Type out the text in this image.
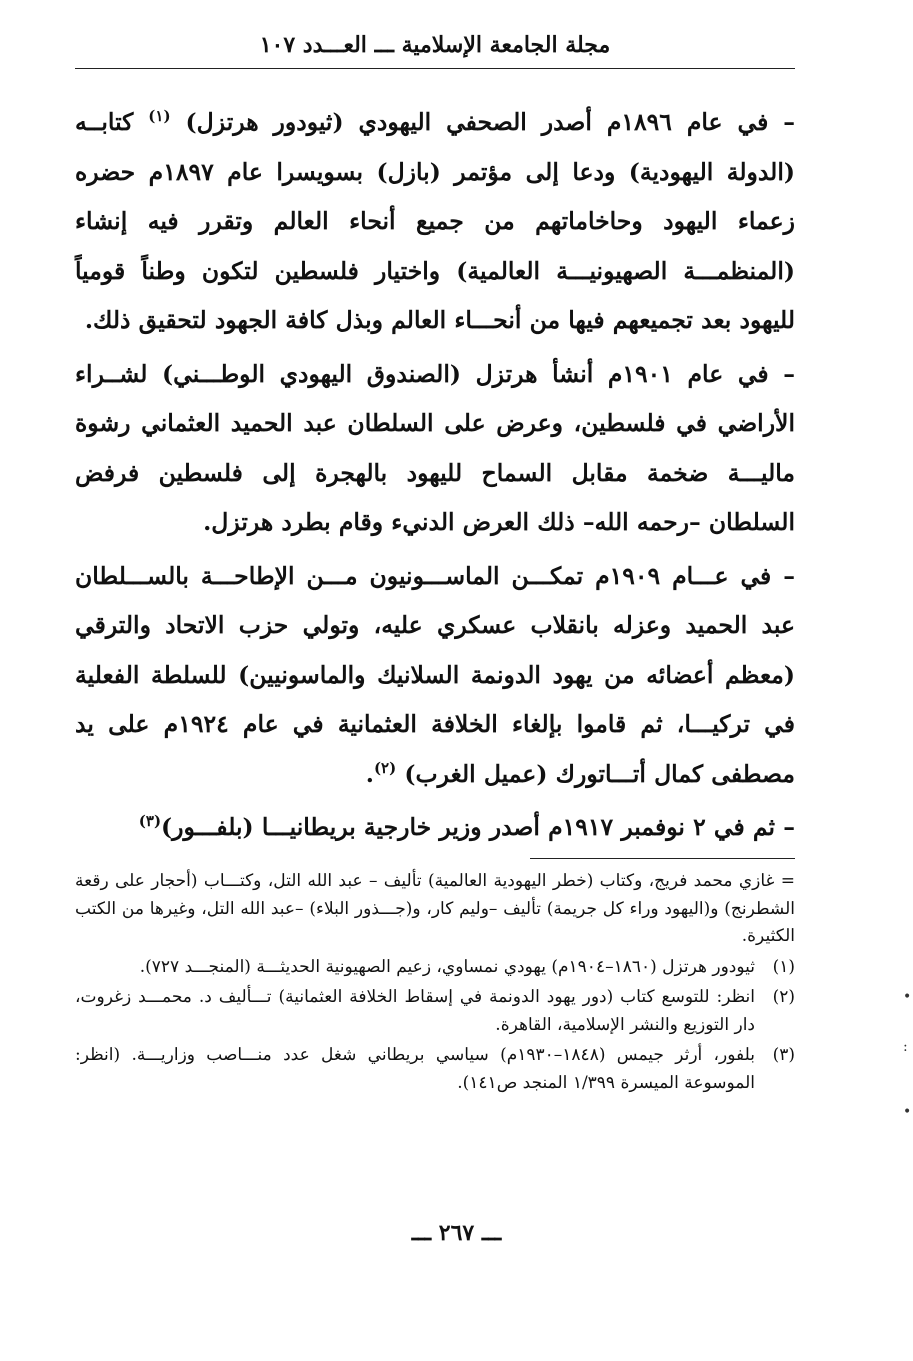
مجلة الجامعة الإسلامية ـــ العـــدد ١٠٧

– في عام ١٨٩٦م أصدر الصحفي اليهودي (ثيودور هرتزل) $^{(١)}$ كتابــه (الدولة اليهودية) ودعا إلى مؤتمر (بازل) بسويسرا عام ١٨٩٧م حضره زعماء اليهود وحاخاماتهم من جميع أنحاء العالم وتقرر فيه إنشاء (المنظمـــة الصهيونيـــة العالمية) واختيار فلسطين لتكون وطناً قومياً لليهود بعد تجميعهم فيها من أنحـــاء العالم وبذل كافة الجهود لتحقيق ذلك.

– في عام ١٩٠١م أنشأ هرتزل (الصندوق اليهودي الوطـــني) لشــراء الأراضي في فلسطين، وعرض على السلطان عبد الحميد العثماني رشوة ماليـــة ضخمة مقابل السماح لليهود بالهجرة إلى فلسطين فرفض السلطان –رحمه الله– ذلك العرض الدنيء وقام بطرد هرتزل.

– في عـــام ١٩٠٩م تمكـــن الماســـونيون مـــن الإطاحـــة بالســـلطان عبد الحميد وعزله بانقلاب عسكري عليه، وتولي حزب الاتحاد والترقي (معظم أعضائه من يهود الدونمة السلانيك والماسونيين) للسلطة الفعلية في تركيـــا، ثم قاموا بإلغاء الخلافة العثمانية في عام ١٩٢٤م على يد مصطفى كمال أتـــاتورك (عميل الغرب) $^{(٢)}$.

– ثم في ٢ نوفمبر ١٩١٧م أصدر وزير خارجية بريطانيـــا (بلفـــور)$^{(٣)}$

= غازي محمد فريج، وكتاب (خطر اليهودية العالمية) تأليف – عبد الله التل، وكتـــاب (أحجار على رقعة الشطرنج) و(اليهود وراء كل جريمة) تأليف –وليم كار، و(جـــذور البلاء) –عبد الله التل، وغيرها من الكتب الكثيرة.

(١)ثيودور هرتزل (١٨٦٠–١٩٠٤م) يهودي نمساوي، زعيم الصهيونية الحديثـــة (المنجـــد ٧٢٧).

(٢)انظر: للتوسع كتاب (دور يهود الدونمة في إسقاط الخلافة العثمانية) تـــأليف د. محمـــد زغروت، دار التوزيع والنشر الإسلامية، القاهرة.

(٣)بلفور، أرثر جيمس (١٨٤٨–١٩٣٠م) سياسي بريطاني شغل عدد منـــاصب وزاريـــة. (انظر: الموسوعة الميسرة ١/٣٩٩ المنجد ص١٤١).

ـــ ٢٦٧ ـــ
•
:
•
